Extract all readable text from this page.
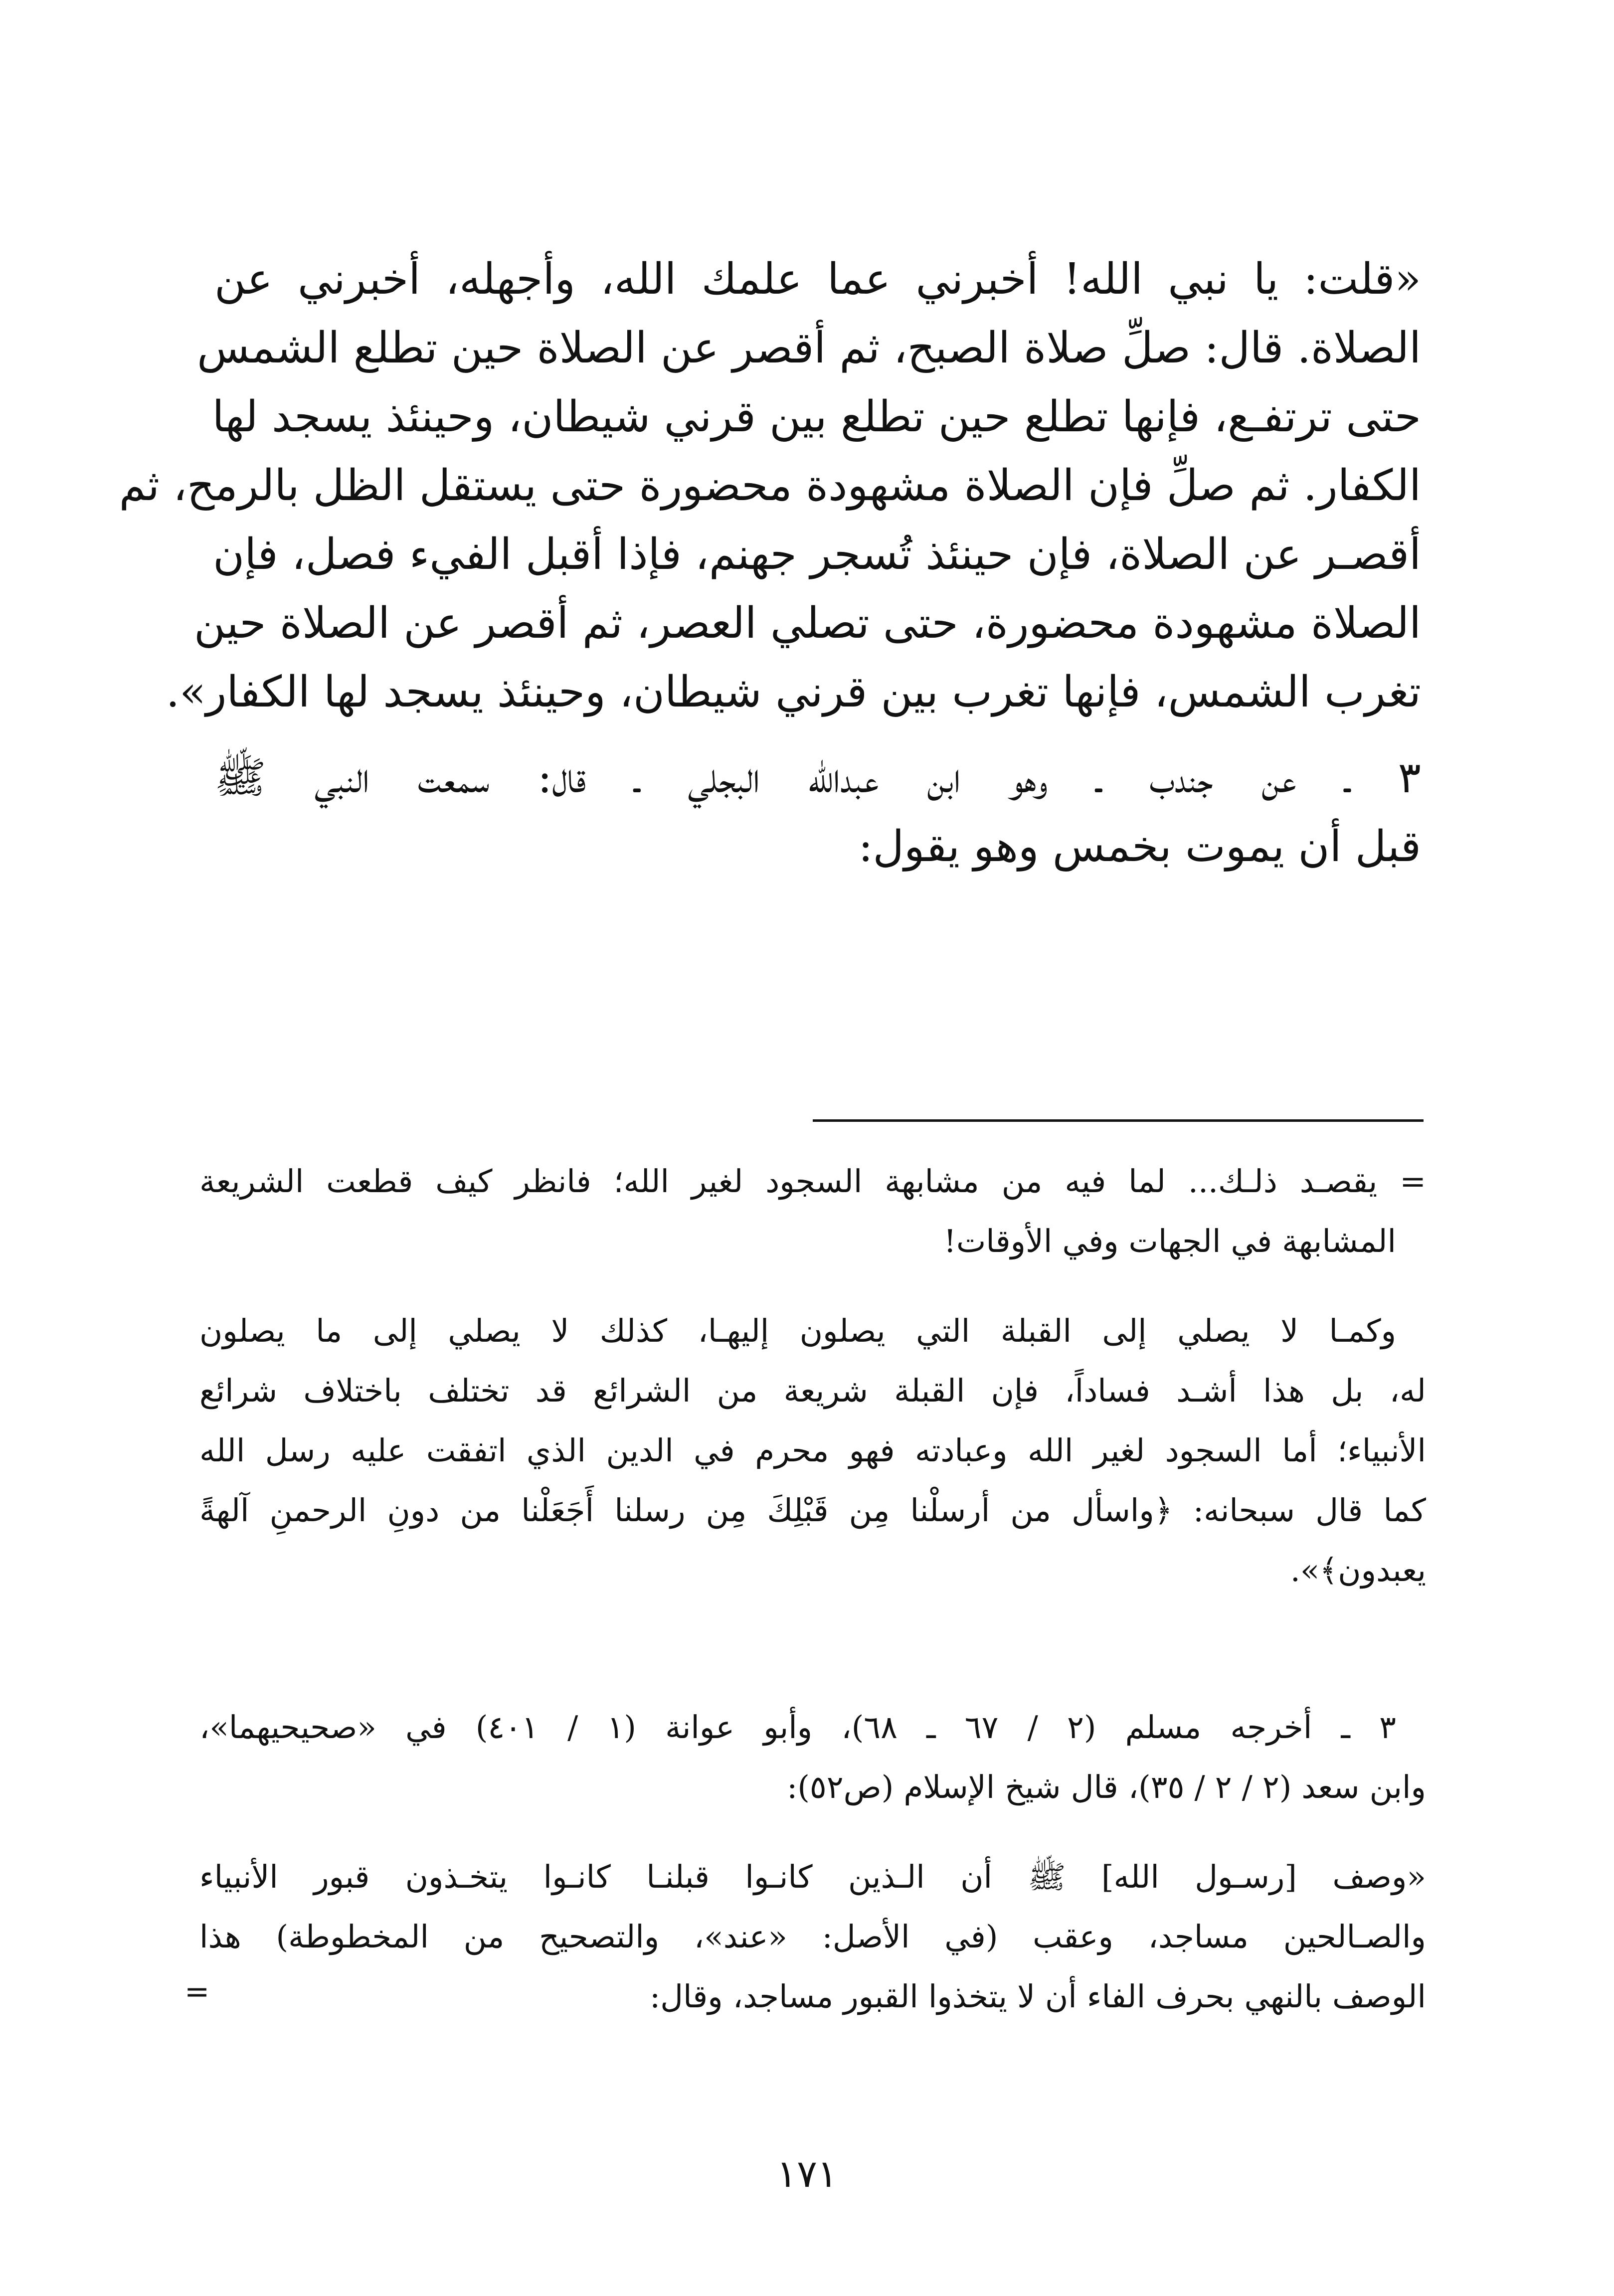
«قلت: يا نبي الله! أخبرني عما علمك الله، وأجهله، أخبرني عن
الصلاة. قال: صلِّ صلاة الصبح، ثم أقصر عن الصلاة حين تطلع الشمس
حتى ترتفـع، فإنها تطلع حين تطلع بين قرني شيطان، وحينئذ يسجد لها
الكفار. ثم صلِّ فإن الصلاة مشهودة محضورة حتى يستقل الظل بالرمح، ثم
أقصـر عن الصلاة، فإن حينئذ تُسجر جهنم، فإذا أقبل الفيء فصل، فإن
الصلاة مشهودة محضورة، حتى تصلي العصر، ثم أقصر عن الصلاة حين
تغرب الشمس، فإنها تغرب بين قرني شيطان، وحينئذ يسجد لها الكفار».
٣ ـ عن جندب ـ وهو ابن عبدالله البجلي ـ قال: سمعت النبي ﷺ
قبل أن يموت بخمس وهو يقول:
= يقصـد ذلـك... لما فيه من مشابهة السجود لغير الله؛ فانظر كيف قطعت الشريعة
المشابهة في الجهات وفي الأوقات!
وكمـا لا يصلي إلى القبلة التي يصلون إليهـا، كذلك لا يصلي إلى ما يصلون
له، بل هذا أشـد فساداً، فإن القبلة شريعة من الشرائع قد تختلف باختلاف شرائع
الأنبياء؛ أما السجود لغير الله وعبادته فهو محرم في الدين الذي اتفقت عليه رسل الله
كما قال سبحانه: ﴿واسأل من أرسلْنا مِن قَبْلِكَ مِن رسلنا أَجَعَلْنا من دونِ الرحمنِ آلهةً
يعبدون﴾».
٣ ـ أخرجه مسلم (٢ / ٦٧ ـ ٦٨)، وأبو عوانة (١ / ٤٠١) في «صحيحيهما»،
وابن سعد (٢ / ٢ / ٣٥)، قال شيخ الإسلام (ص٥٢):
«وصف [رسـول الله] ﷺ أن الـذين كانـوا قبلنـا كانـوا يتخـذون قبور الأنبياء
والصـالحين مساجد، وعقب (في الأصل: «عند»، والتصحيح من المخطوطة) هذا
الوصف بالنهي بحرف الفاء أن لا يتخذوا القبور مساجد، وقال:
=
١٧١
